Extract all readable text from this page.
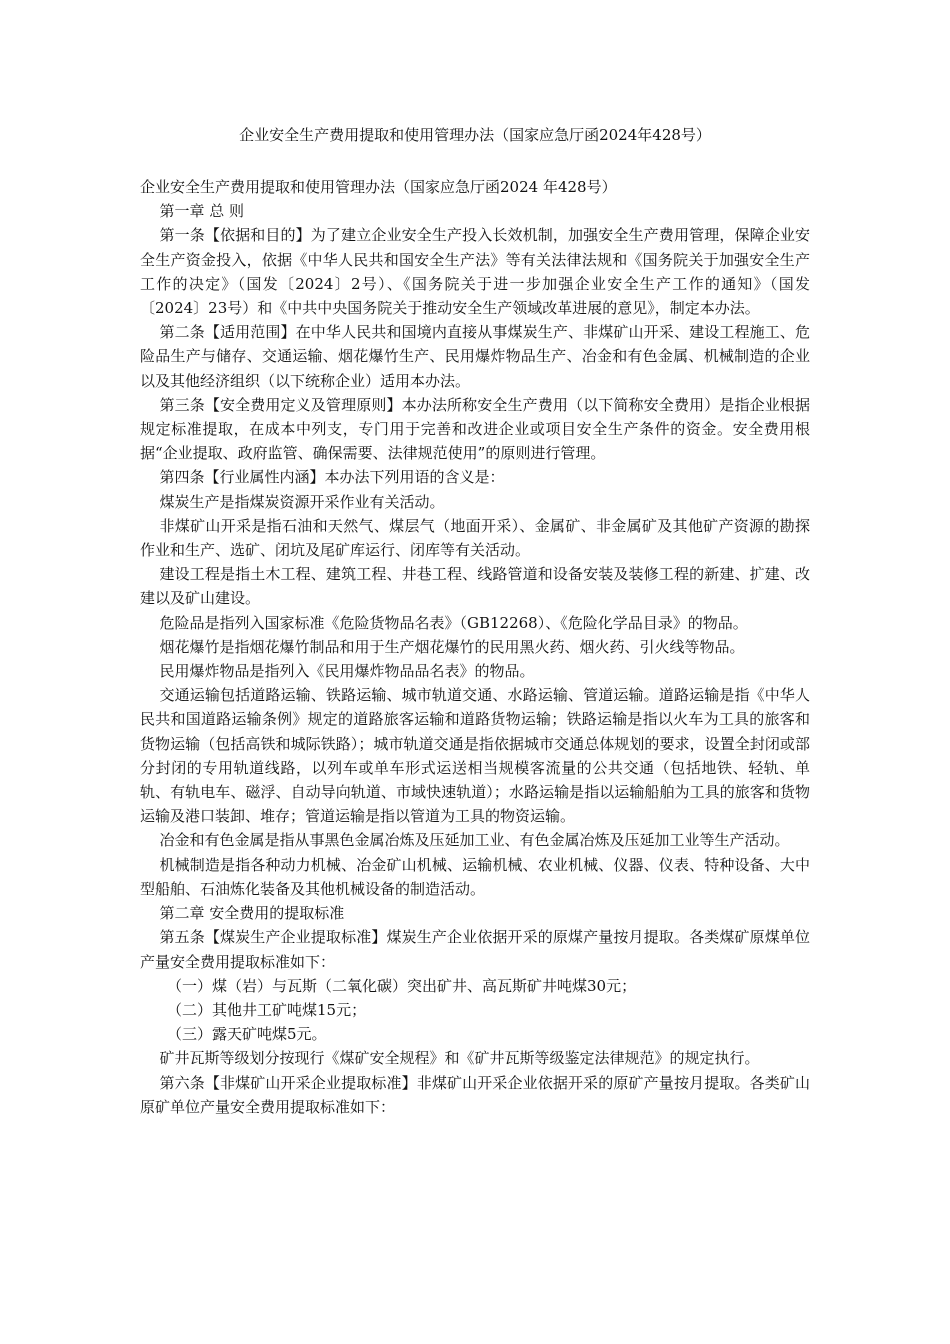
企业安全生产费用提取和使用管理办法（国家应急厅函2024年428号）

企业安全生产费用提取和使用管理办法（国家应急厅函2024 年428号）

第一章 总 则

第一条【依据和目的】为了建立企业安全生产投入长效机制，加强安全生产费用管理，保障企业安全生产资金投入，依据《中华人民共和国安全生产法》等有关法律法规和《国务院关于加强安全生产工作的决定》（国发〔2024〕2号）、《国务院关于进一步加强企业安全生产工作的通知》（国发〔2024〕23号）和《中共中央国务院关于推动安全生产领域改革进展的意见》，制定本办法。

第二条【适用范围】在中华人民共和国境内直接从事煤炭生产、非煤矿山开采、建设工程施工、危险品生产与储存、交通运输、烟花爆竹生产、民用爆炸物品生产、冶金和有色金属、机械制造的企业以及其他经济组织（以下统称企业）适用本办法。

第三条【安全费用定义及管理原则】本办法所称安全生产费用（以下简称安全费用）是指企业根据规定标准提取，在成本中列支，专门用于完善和改进企业或项目安全生产条件的资金。安全费用根据“企业提取、政府监管、确保需要、法律规范使用”的原则进行管理。

第四条【行业属性内涵】本办法下列用语的含义是：

煤炭生产是指煤炭资源开采作业有关活动。

非煤矿山开采是指石油和天然气、煤层气（地面开采）、金属矿、非金属矿及其他矿产资源的勘探作业和生产、选矿、闭坑及尾矿库运行、闭库等有关活动。

建设工程是指土木工程、建筑工程、井巷工程、线路管道和设备安装及装修工程的新建、扩建、改建以及矿山建设。

危险品是指列入国家标准《危险货物品名表》（GB12268）、《危险化学品目录》的物品。

烟花爆竹是指烟花爆竹制品和用于生产烟花爆竹的民用黑火药、烟火药、引火线等物品。

民用爆炸物品是指列入《民用爆炸物品品名表》的物品。

交通运输包括道路运输、铁路运输、城市轨道交通、水路运输、管道运输。道路运输是指《中华人民共和国道路运输条例》规定的道路旅客运输和道路货物运输；铁路运输是指以火车为工具的旅客和货物运输（包括高铁和城际铁路）；城市轨道交通是指依据城市交通总体规划的要求，设置全封闭或部分封闭的专用轨道线路，以列车或单车形式运送相当规模客流量的公共交通（包括地铁、轻轨、单轨、有轨电车、磁浮、自动导向轨道、市域快速轨道）；水路运输是指以运输船舶为工具的旅客和货物运输及港口装卸、堆存；管道运输是指以管道为工具的物资运输。

冶金和有色金属是指从事黑色金属冶炼及压延加工业、有色金属冶炼及压延加工业等生产活动。

机械制造是指各种动力机械、冶金矿山机械、运输机械、农业机械、仪器、仪表、特种设备、大中型船舶、石油炼化装备及其他机械设备的制造活动。

第二章 安全费用的提取标准

第五条【煤炭生产企业提取标准】煤炭生产企业依据开采的原煤产量按月提取。各类煤矿原煤单位产量安全费用提取标准如下：

（一）煤（岩）与瓦斯（二氧化碳）突出矿井、高瓦斯矿井吨煤30元；

（二）其他井工矿吨煤15元；

（三）露天矿吨煤5元。

矿井瓦斯等级划分按现行《煤矿安全规程》和《矿井瓦斯等级鉴定法律规范》的规定执行。

第六条【非煤矿山开采企业提取标准】非煤矿山开采企业依据开采的原矿产量按月提取。各类矿山原矿单位产量安全费用提取标准如下：
